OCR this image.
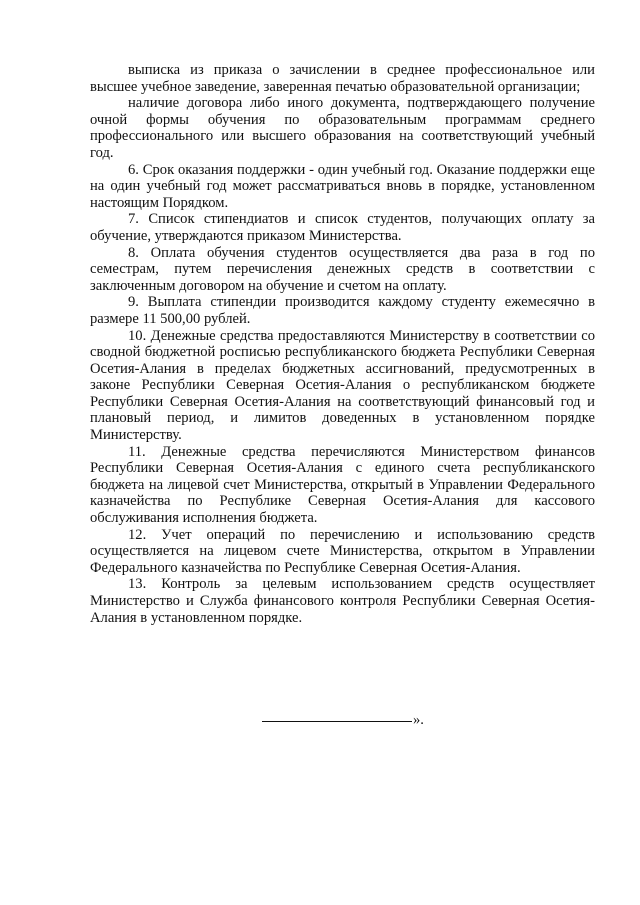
выписка из приказа о зачислении в среднее профессиональное или высшее учебное заведение, заверенная печатью образовательной организации;

наличие договора либо иного документа, подтверждающего получение очной формы обучения по образовательным программам среднего профессионального или высшего образования на соответствующий учебный год.

6. Срок оказания поддержки - один учебный год. Оказание поддержки еще на один учебный год может рассматриваться вновь в порядке, установленном настоящим Порядком.

7. Список стипендиатов и список студентов, получающих оплату за обучение, утверждаются приказом Министерства.

8. Оплата обучения студентов осуществляется два раза в год по семестрам, путем перечисления денежных средств в соответствии с заключенным договором на обучение и счетом на оплату.

9. Выплата стипендии производится каждому студенту ежемесячно в размере 11 500,00 рублей.

10. Денежные средства предоставляются Министерству в соответствии со сводной бюджетной росписью республиканского бюджета Республики Северная Осетия-Алания в пределах бюджетных ассигнований, предусмотренных в законе Республики Северная Осетия-Алания о республиканском бюджете Республики Северная Осетия-Алания на соответствующий финансовый год и плановый период, и лимитов доведенных в установленном порядке Министерству.

11. Денежные средства перечисляются Министерством финансов Республики Северная Осетия-Алания с единого счета республиканского бюджета на лицевой счет Министерства, открытый в Управлении Федерального казначейства по Республике Северная Осетия-Алания для кассового обслуживания исполнения бюджета.

12. Учет операций по перечислению и использованию средств осуществляется на лицевом счете Министерства, открытом в Управлении Федерального казначейства по Республике Северная Осетия-Алания.

13. Контроль за целевым использованием средств осуществляет Министерство и Служба финансового контроля Республики Северная Осетия-Алания в установленном порядке.

».
